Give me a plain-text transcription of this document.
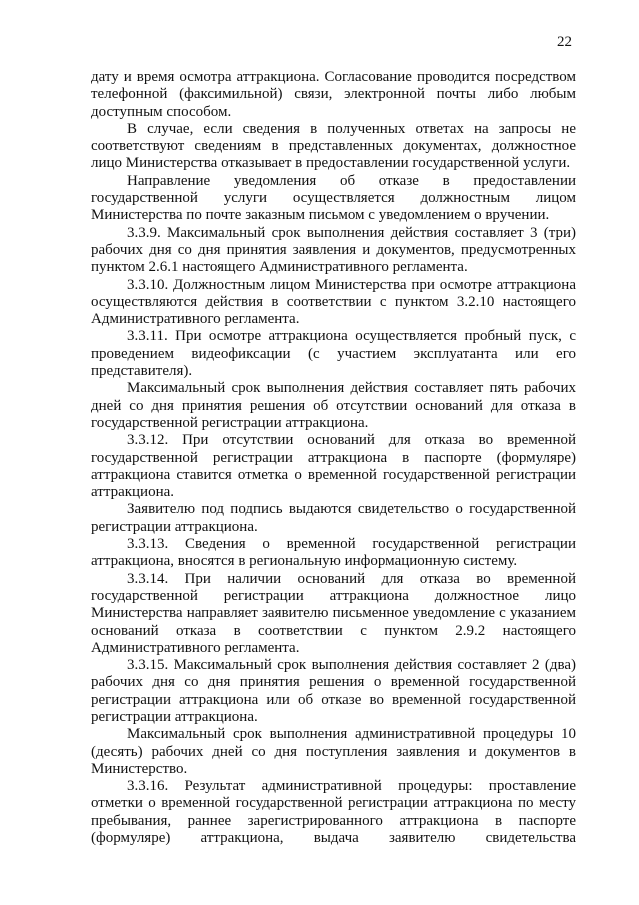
22

дату и время осмотра аттракциона. Согласование проводится посредством телефонной (факсимильной) связи, электронной почты либо любым доступным способом.

В случае, если сведения в полученных ответах на запросы не соответствуют сведениям в представленных документах, должностное лицо Министерства отказывает в предоставлении государственной услуги.

Направление уведомления об отказе в предоставлении государственной услуги осуществляется должностным лицом Министерства по почте заказным письмом с уведомлением о вручении.

3.3.9. Максимальный срок выполнения действия составляет 3 (три) рабочих дня со дня принятия заявления и документов, предусмотренных пунктом 2.6.1 настоящего Административного регламента.

3.3.10. Должностным лицом Министерства при осмотре аттракциона осуществляются действия в соответствии с пунктом 3.2.10 настоящего Административного регламента.

3.3.11. При осмотре аттракциона осуществляется пробный пуск, с проведением видеофиксации (с участием эксплуатанта или его представителя).

Максимальный срок выполнения действия составляет пять рабочих дней со дня принятия решения об отсутствии оснований для отказа в государственной регистрации аттракциона.

3.3.12. При отсутствии оснований для отказа во временной государственной регистрации аттракциона в паспорте (формуляре) аттракциона ставится отметка о временной государственной регистрации аттракциона.

Заявителю под подпись выдаются свидетельство о государственной регистрации аттракциона.

3.3.13. Сведения о временной государственной регистрации аттракциона, вносятся в региональную информационную систему.

3.3.14. При наличии оснований для отказа во временной государственной регистрации аттракциона должностное лицо Министерства направляет заявителю письменное уведомление с указанием оснований отказа в соответствии с пунктом 2.9.2 настоящего Административного регламента.

3.3.15. Максимальный срок выполнения действия составляет 2 (два) рабочих дня со дня принятия решения о временной государственной регистрации аттракциона или об отказе во временной государственной регистрации аттракциона.

Максимальный срок выполнения административной процедуры 10 (десять) рабочих дней со дня поступления заявления и документов в Министерство.

3.3.16. Результат административной процедуры: проставление отметки о временной государственной регистрации аттракциона по месту пребывания, раннее зарегистрированного аттракциона в паспорте (формуляре) аттракциона, выдача заявителю свидетельства
